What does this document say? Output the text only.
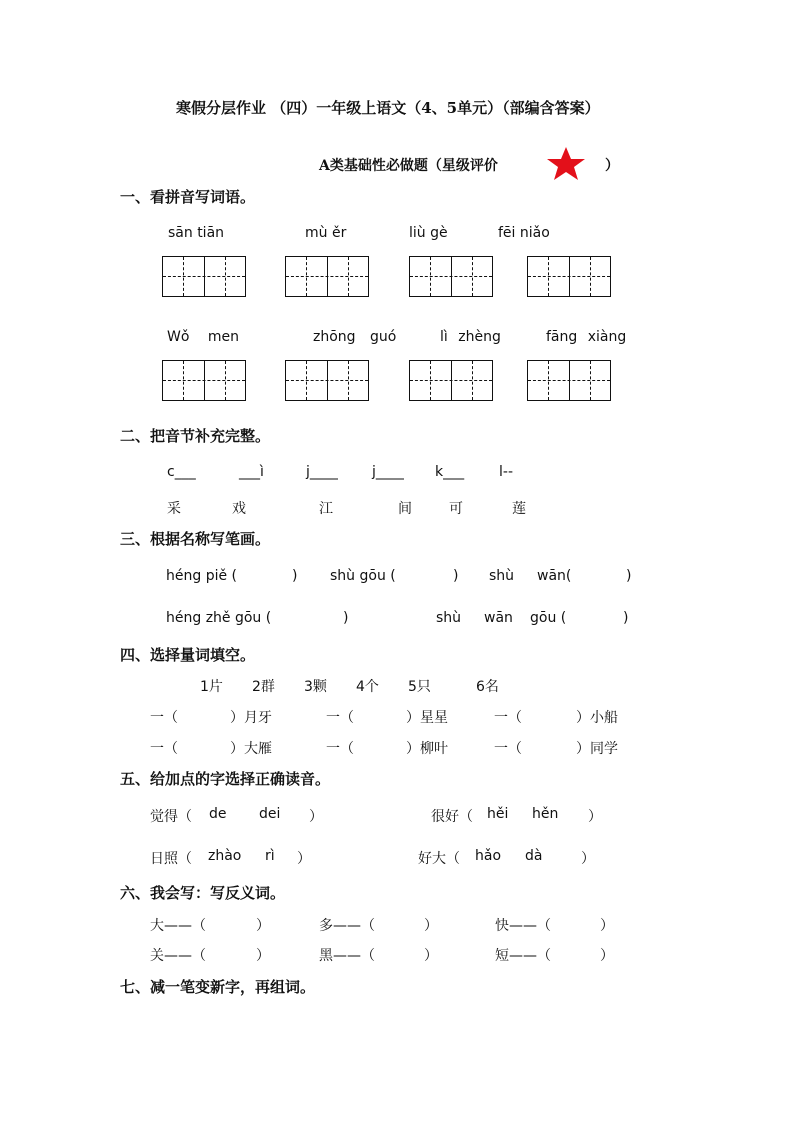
寒假分层作业 （四）一年级上语文（4、5单元）（部编含答案）
A类基础性必做题（星级评价	）
一、看拼音写词语。
sān tiān	mù ěr	liù gè	fēi niǎo
Wǒ men	zhōng guó	lì zhèng	fāng xiàng
二、把音节补充完整。
c___	___ì	j____ j____ k___ l--
采	戏	江	间	可	莲
三、根据名称写笔画。
héng piě (	) shù gōu (	) shù wān(	)
héng zhě gōu (	)	shù wān gōu (	)
四、选择量词填空。
1片 2群 3颗 4个 5只	6名
一（	）月牙	一（	）星星	一（	）小船
一（	）大雁	一（	）柳叶	一（	）同学
五、给加点的字选择正确读音。
觉得（ de dei ）	很好（ hěi hěn ）
日照（ zhào rì ）	好大（ hǎo dà	）
六、我会写：写反义词。
大——（	）	多——（	）	快——（	）
关——（	）	黑——（	）	短——（	）
七、减一笔变新字，再组词。
